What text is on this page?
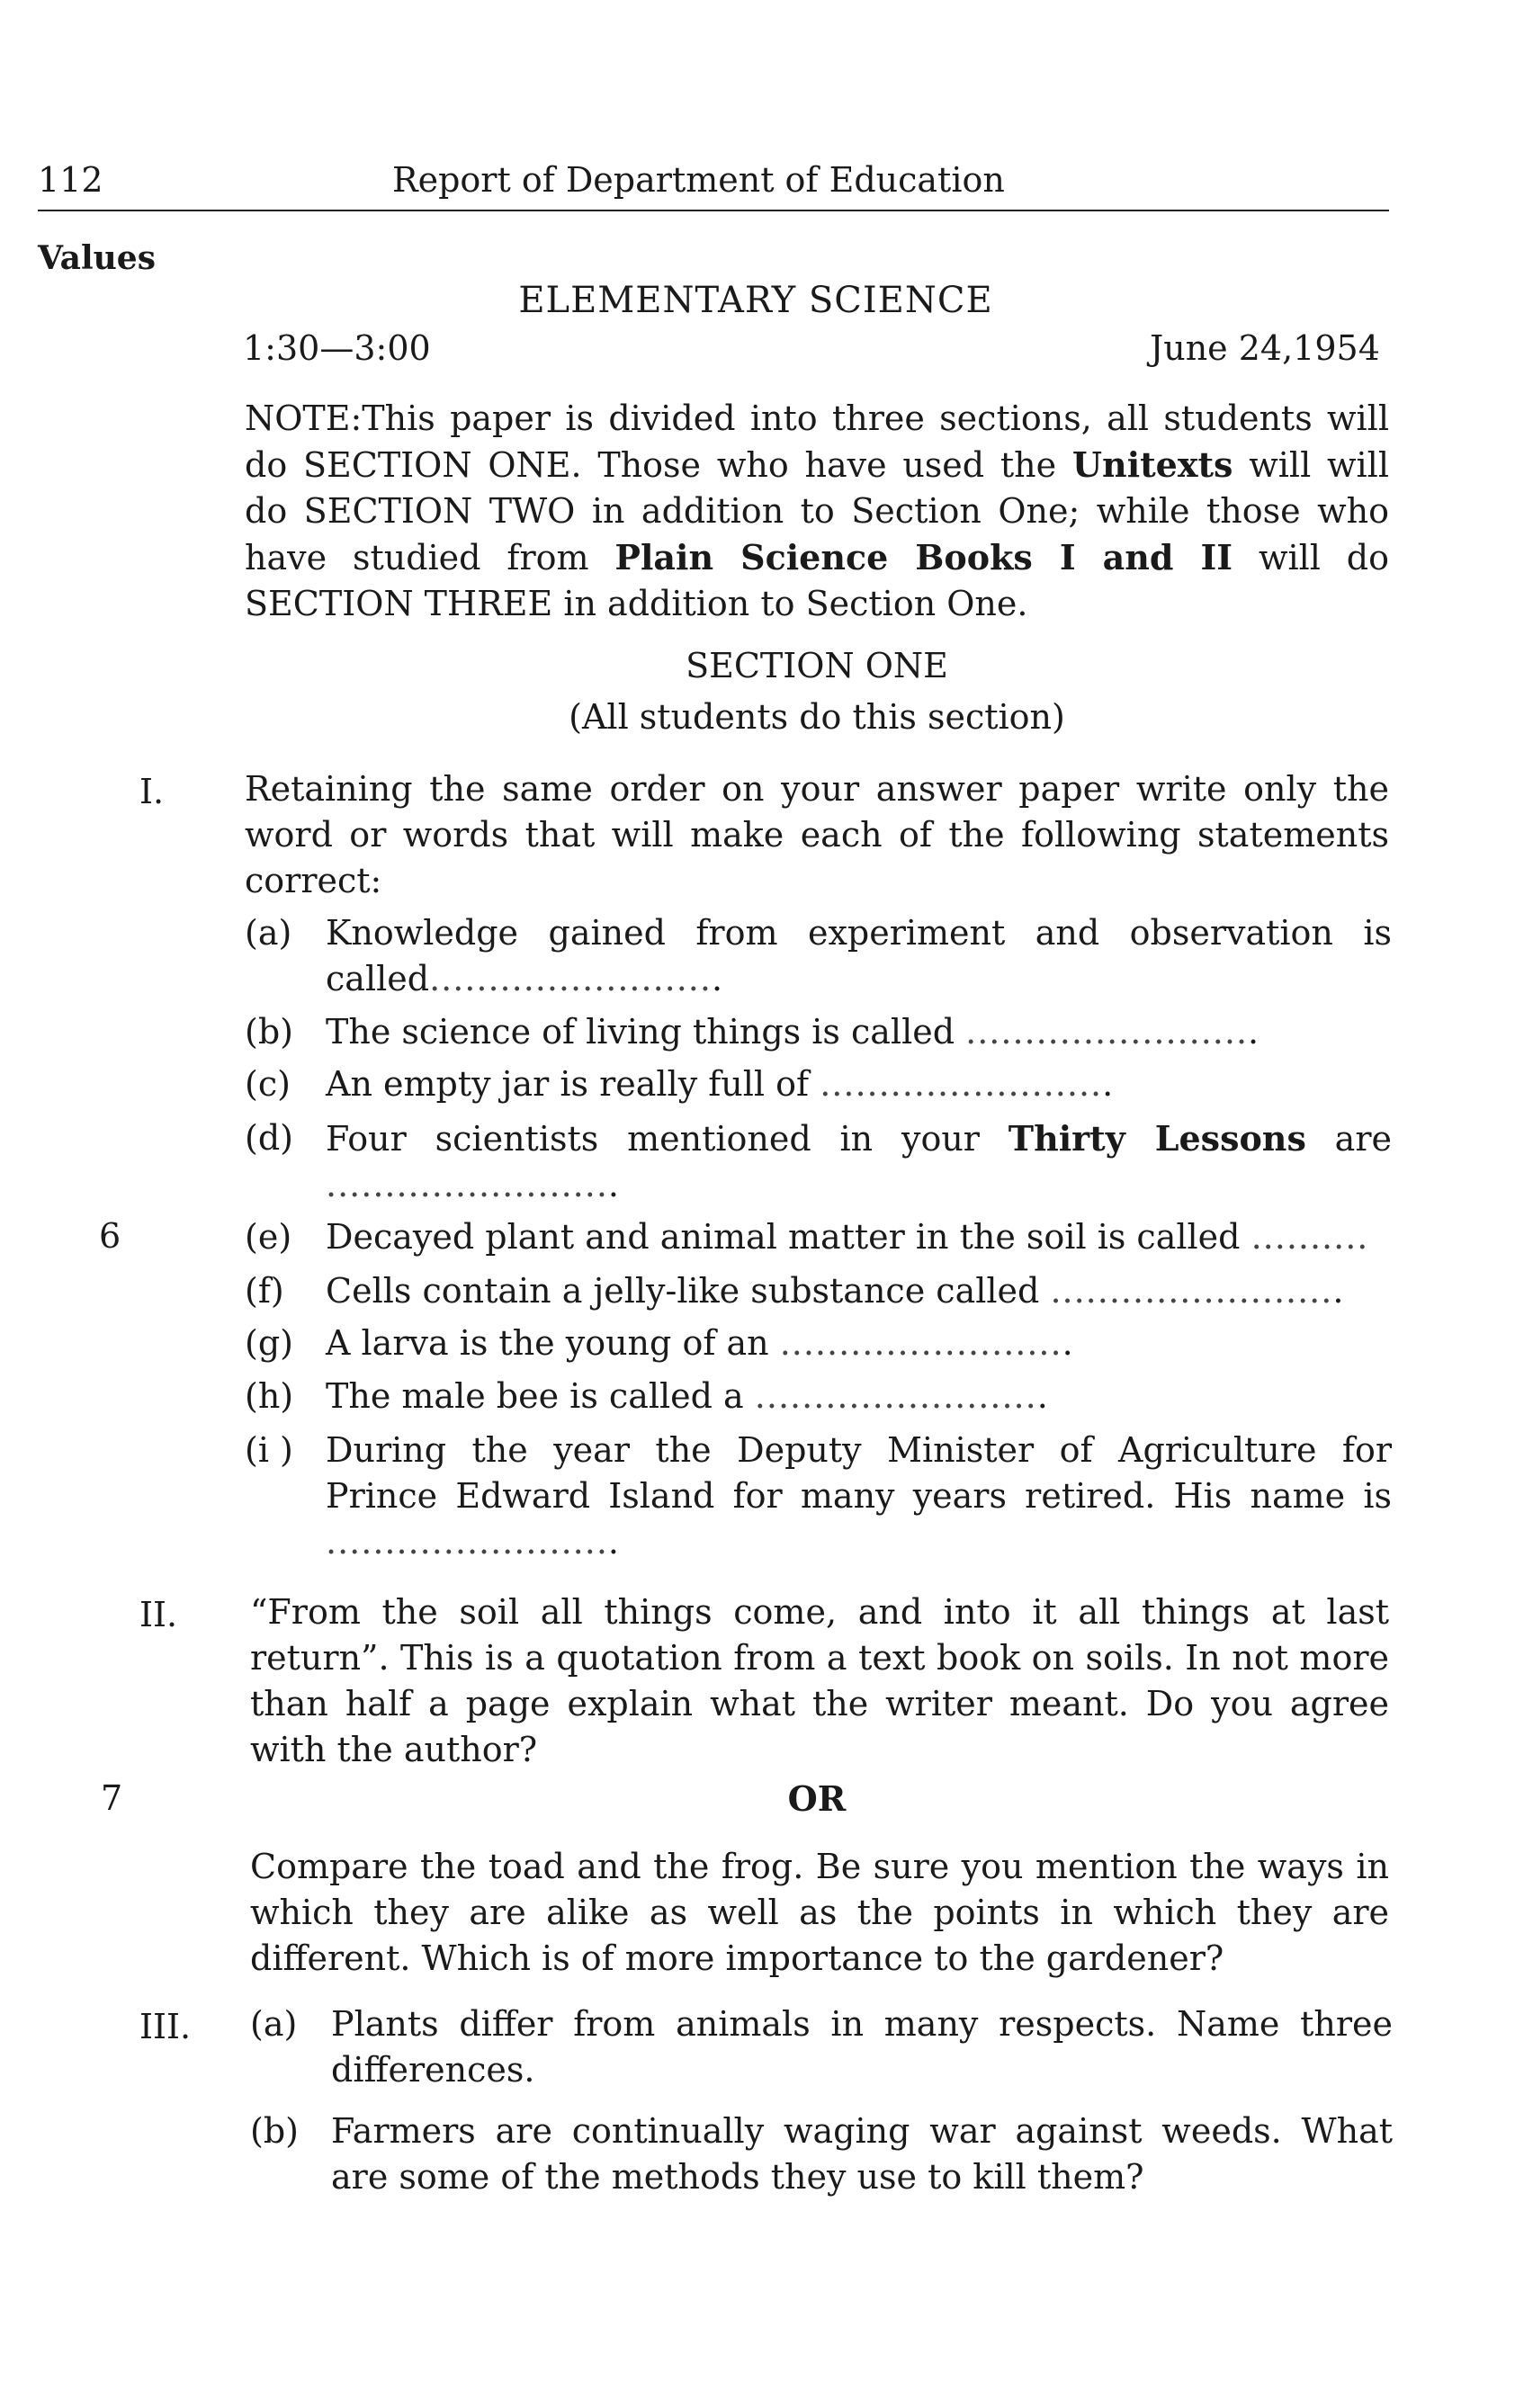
112	Report of Department of Education
Values
ELEMENTARY SCIENCE
1:30—3:00	June 24,1954
NOTE:This paper is divided into three sections, all students will do SECTION ONE. Those who have used the Unitexts will will do SECTION TWO in addition to Section One; while those who have studied from Plain Science Books I and II will do SECTION THREE in addition to Section One.
SECTION ONE
(All students do this section)
I. Retaining the same order on your answer paper write only the word or words that will make each of the following statements correct:
6
(a) Knowledge gained from experiment and observation is called.........................
(b) The science of living things is called .........................
(c) An empty jar is really full of .........................
(d) Four scientists mentioned in your Thirty Lessons are .........................
(e) Decayed plant and animal matter in the soil is called ..........
(f) Cells contain a jelly-like substance called .........................
(g) A larva is the young of an .........................
(h) The male bee is called a .........................
(i ) During the year the Deputy Minister of Agriculture for Prince Edward Island for many years retired. His name is .........................
II. “From the soil all things come, and into it all things at last return”. This is a quotation from a text book on soils. In not more than half a page explain what the writer meant. Do you agree with the author?
7	OR
Compare the toad and the frog. Be sure you mention the ways in which they are alike as well as the points in which they are different. Which is of more importance to the gardener?
III. (a) Plants differ from animals in many respects. Name three differences.
(b) Farmers are continually waging war against weeds. What are some of the methods they use to kill them?
